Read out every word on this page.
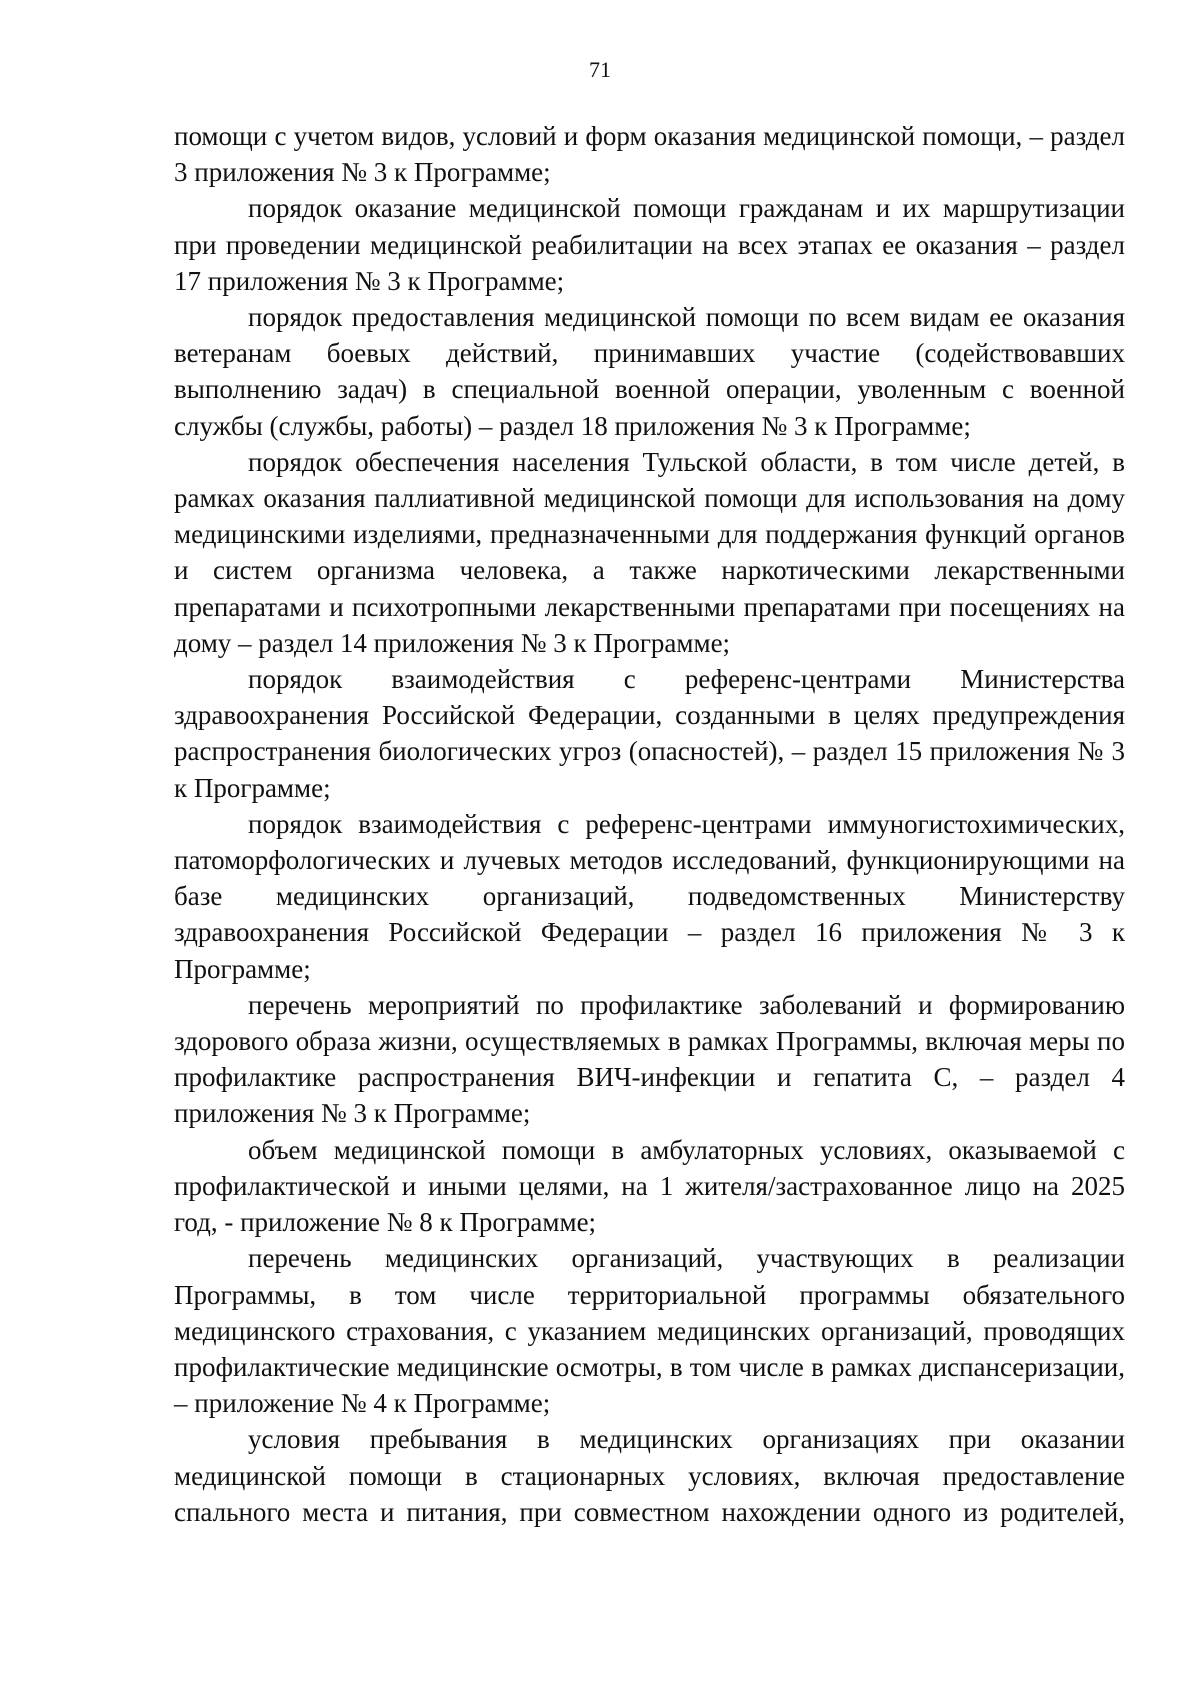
71

помощи с учетом видов, условий и форм оказания медицинской помощи, – раздел 3 приложения № 3 к Программе;

порядок оказание медицинской помощи гражданам и их маршрутизации при проведении медицинской реабилитации на всех этапах ее оказания – раздел 17 приложения № 3 к Программе;

порядок предоставления медицинской помощи по всем видам ее оказания ветеранам боевых действий, принимавших участие (содействовавших выполнению задач) в специальной военной операции, уволенным с военной службы (службы, работы) – раздел 18 приложения № 3 к Программе;

порядок обеспечения населения Тульской области, в том числе детей, в рамках оказания паллиативной медицинской помощи для использования на дому медицинскими изделиями, предназначенными для поддержания функций органов и систем организма человека, а также наркотическими лекарственными препаратами и психотропными лекарственными препаратами при посещениях на дому – раздел 14 приложения № 3 к Программе;

порядок взаимодействия с референс-центрами Министерства здравоохранения Российской Федерации, созданными в целях предупреждения распространения биологических угроз (опасностей), – раздел 15 приложения № 3 к Программе;

порядок взаимодействия с референс-центрами иммуногистохимических, патоморфологических и лучевых методов исследований, функционирующими на базе медицинских организаций, подведомственных Министерству здравоохранения Российской Федерации – раздел 16 приложения № 3 к Программе;

перечень мероприятий по профилактике заболеваний и формированию здорового образа жизни, осуществляемых в рамках Программы, включая меры по профилактике распространения ВИЧ-инфекции и гепатита С, – раздел 4 приложения № 3 к Программе;

объем медицинской помощи в амбулаторных условиях, оказываемой с профилактической и иными целями, на 1 жителя/застрахованное лицо на 2025 год, - приложение № 8 к Программе;

перечень медицинских организаций, участвующих в реализации Программы, в том числе территориальной программы обязательного медицинского страхования, с указанием медицинских организаций, проводящих профилактические медицинские осмотры, в том числе в рамках диспансеризации, – приложение № 4 к Программе;

условия пребывания в медицинских организациях при оказании медицинской помощи в стационарных условиях, включая предоставление спального места и питания, при совместном нахождении одного из родителей,
